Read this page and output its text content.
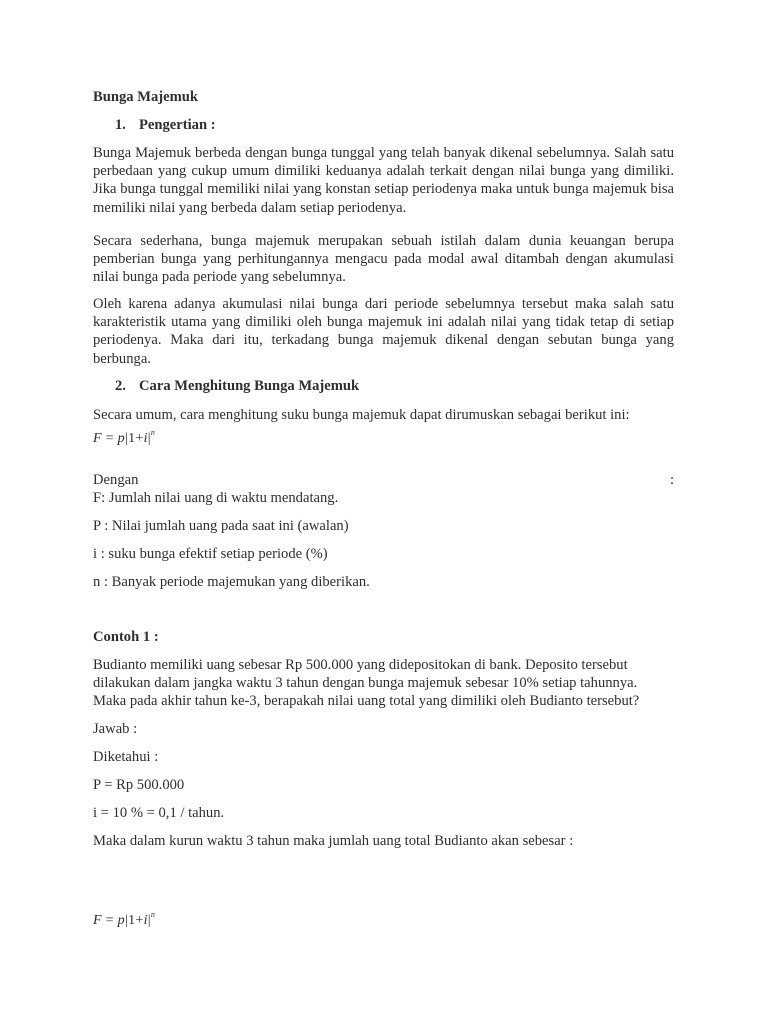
Bunga Majemuk

1. Pengertian :

Bunga Majemuk berbeda dengan bunga tunggal yang telah banyak dikenal sebelumnya. Salah satu perbedaan yang cukup umum dimiliki keduanya adalah terkait dengan nilai bunga yang dimiliki. Jika bunga tunggal memiliki nilai yang konstan setiap periodenya maka untuk bunga majemuk bisa memiliki nilai yang berbeda dalam setiap periodenya.

Secara sederhana, bunga majemuk merupakan sebuah istilah dalam dunia keuangan berupa pemberian bunga yang perhitungannya mengacu pada modal awal ditambah dengan akumulasi nilai bunga pada periode yang sebelumnya.

Oleh karena adanya akumulasi nilai bunga dari periode sebelumnya tersebut maka salah satu karakteristik utama yang dimiliki oleh bunga majemuk ini adalah nilai yang tidak tetap di setiap periodenya. Maka dari itu, terkadang bunga majemuk dikenal dengan sebutan bunga yang berbunga.

2. Cara Menghitung Bunga Majemuk

Secara umum, cara menghitung suku bunga majemuk dapat dirumuskan sebagai berikut ini:

$F = p|1+i|^n$
Dengan	:

F: Jumlah nilai uang di waktu mendatang.

P : Nilai jumlah uang pada saat ini (awalan)

i : suku bunga efektif setiap periode (%)

n : Banyak periode majemukan yang diberikan.

Contoh 1 :

Budianto memiliki uang sebesar Rp 500.000 yang didepositokan di bank. Deposito tersebut dilakukan dalam jangka waktu 3 tahun dengan bunga majemuk sebesar 10% setiap tahunnya. Maka pada akhir tahun ke-3, berapakah nilai uang total yang dimiliki oleh Budianto tersebut?

Jawab :

Diketahui :

P = Rp 500.000

i = 10 % = 0,1 / tahun.

Maka dalam kurun waktu 3 tahun maka jumlah uang total Budianto akan sebesar :

$F = p|1+i|^n$
